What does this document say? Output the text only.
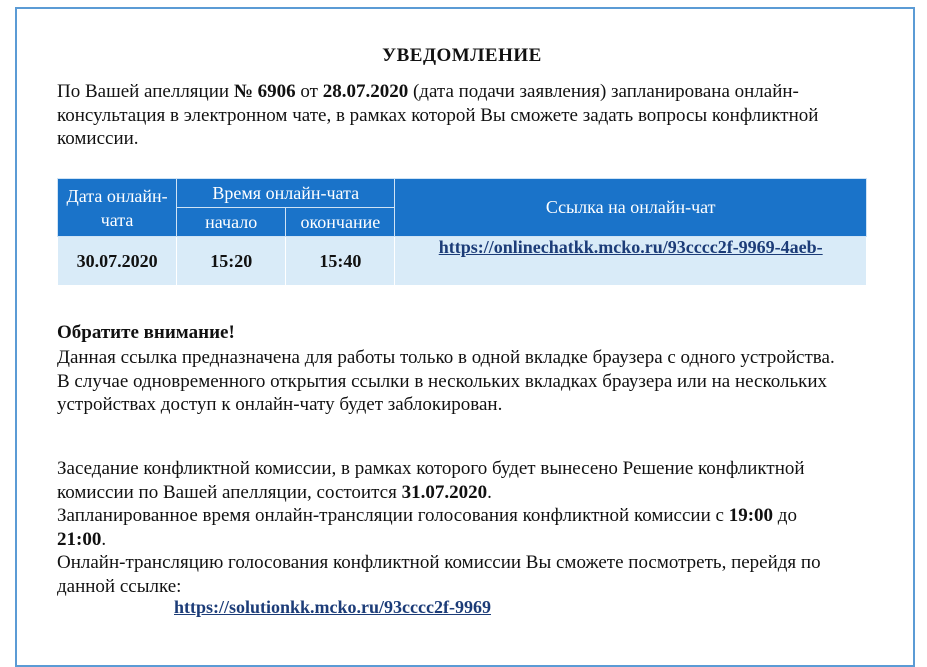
УВЕДОМЛЕНИЕ

По Вашей апелляции № 6906 от 28.07.2020 (дата подачи заявления) запланирована онлайн-консультация в электронном чате, в рамках которой Вы сможете задать вопросы конфликтной комиссии.

Дата онлайн-чата	Время онлайн-чата		Ссылка на онлайн-чат
	начало	окончание	
30.07.2020	15:20	15:40	https://onlinechatkk.mcko.ru/93cccc2f-9969-4aeb-
Обратите внимание!

Данная ссылка предназначена для работы только в одной вкладке браузера с одного устройства. В случае одновременного открытия ссылки в нескольких вкладках браузера или на нескольких устройствах доступ к онлайн-чату будет заблокирован.

Заседание конфликтной комиссии, в рамках которого будет вынесено Решение конфликтной комиссии по Вашей апелляции, состоится 31.07.2020.

Запланированное время онлайн-трансляции голосования конфликтной комиссии с 19:00 до 21:00.

Онлайн-трансляцию голосования конфликтной комиссии Вы сможете посмотреть, перейдя по данной ссылке:

https://solutionkk.mcko.ru/93cccc2f-9969
